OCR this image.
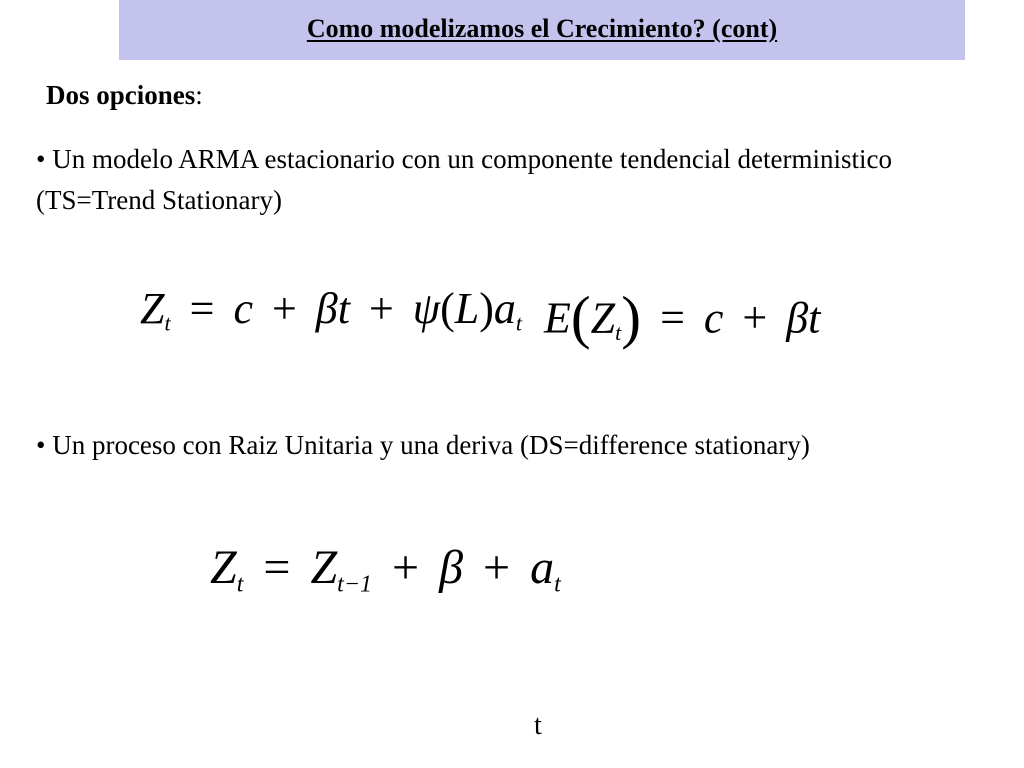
Como modelizamos el Crecimiento? (cont)
Dos opciones:
• Un modelo ARMA estacionario con un componente tendencial deterministico (TS=Trend Stationary)
$Z_t = c + \beta t + \psi(L)a_t$ $E(Z_t) = c + \beta t$
• Un proceso con Raiz Unitaria y una deriva (DS=difference stationary)
$Z_t = Z_{t-1} + \beta + a_t$
t
